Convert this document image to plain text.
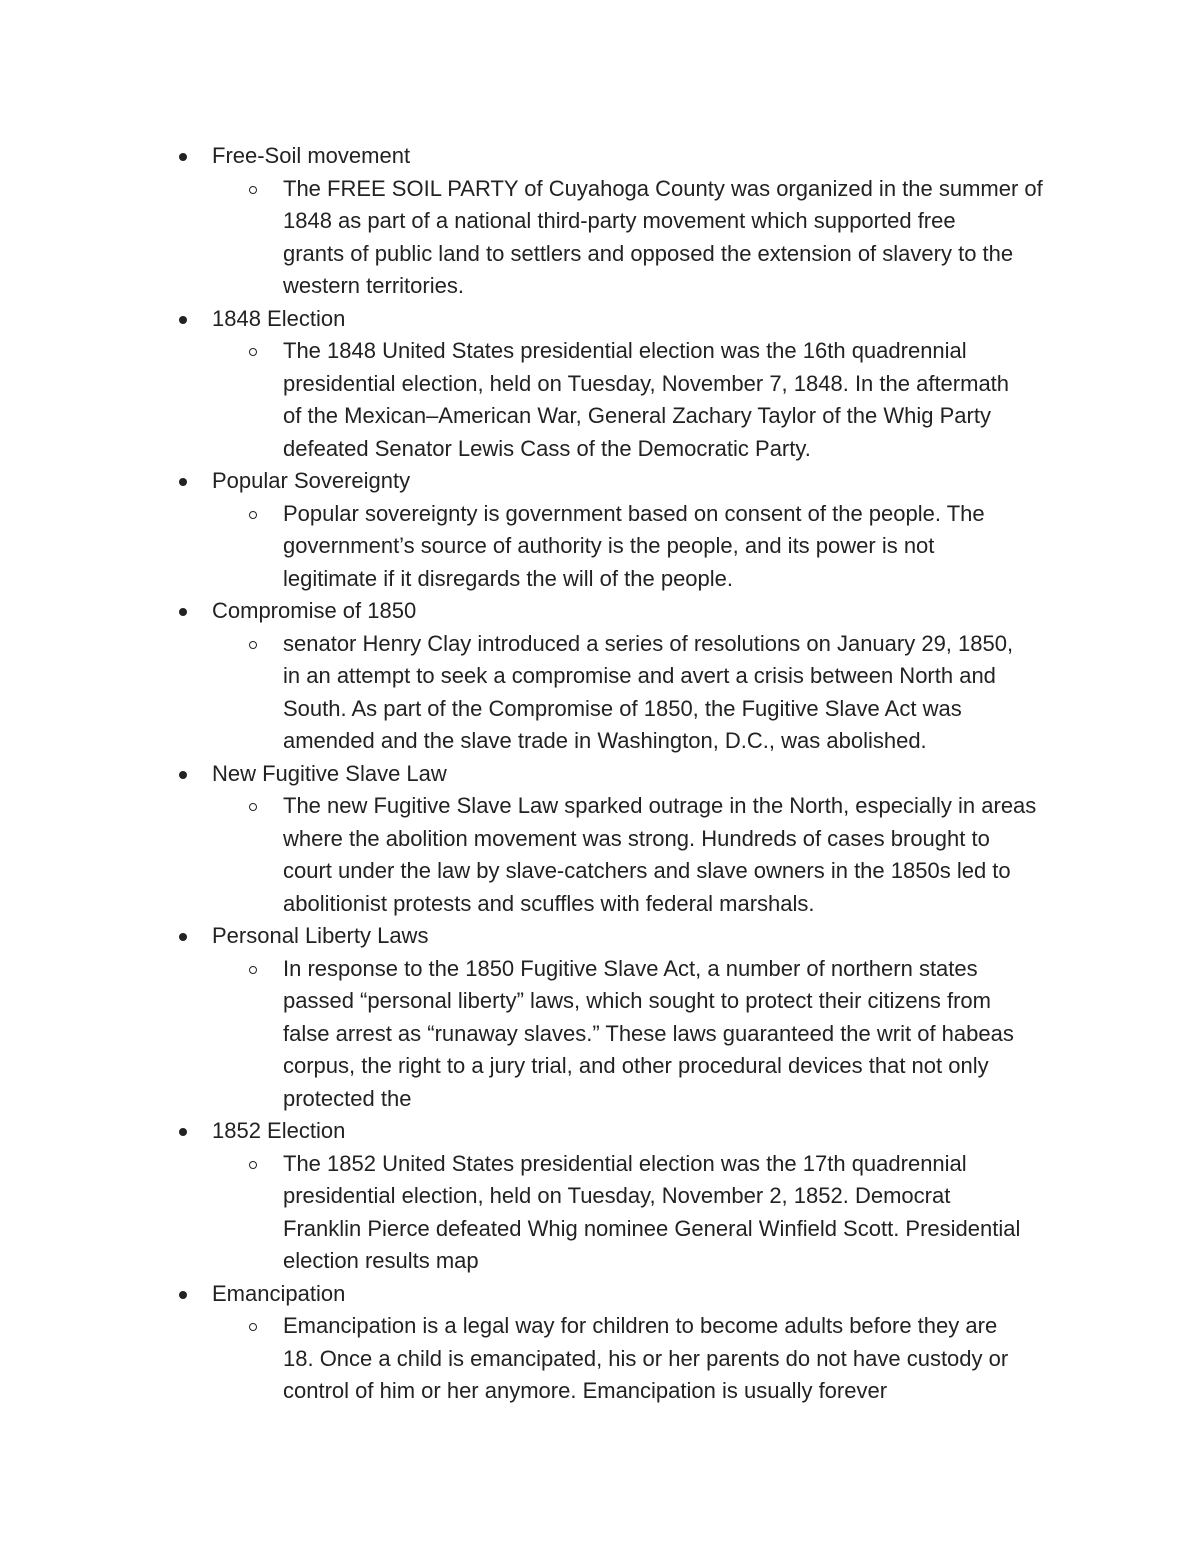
Free-Soil movement
The FREE SOIL PARTY of Cuyahoga County was organized in the summer of
1848 as part of a national third-party movement which supported free
grants of public land to settlers and opposed the extension of slavery to the
western territories.
1848 Election
The 1848 United States presidential election was the 16th quadrennial
presidential election, held on Tuesday, November 7, 1848. In the aftermath
of the Mexican–American War, General Zachary Taylor of the Whig Party
defeated Senator Lewis Cass of the Democratic Party.
Popular Sovereignty
Popular sovereignty is government based on consent of the people. The
government’s source of authority is the people, and its power is not
legitimate if it disregards the will of the people.
Compromise of 1850
senator Henry Clay introduced a series of resolutions on January 29, 1850,
in an attempt to seek a compromise and avert a crisis between North and
South. As part of the Compromise of 1850, the Fugitive Slave Act was
amended and the slave trade in Washington, D.C., was abolished.
New Fugitive Slave Law
The new Fugitive Slave Law sparked outrage in the North, especially in areas
where the abolition movement was strong. Hundreds of cases brought to
court under the law by slave-catchers and slave owners in the 1850s led to
abolitionist protests and scuffles with federal marshals.
Personal Liberty Laws
In response to the 1850 Fugitive Slave Act, a number of northern states
passed “personal liberty” laws, which sought to protect their citizens from
false arrest as “runaway slaves.” These laws guaranteed the writ of habeas
corpus, the right to a jury trial, and other procedural devices that not only
protected the
1852 Election
The 1852 United States presidential election was the 17th quadrennial
presidential election, held on Tuesday, November 2, 1852. Democrat
Franklin Pierce defeated Whig nominee General Winfield Scott. Presidential
election results map
Emancipation
Emancipation is a legal way for children to become adults before they are
18. Once a child is emancipated, his or her parents do not have custody or
control of him or her anymore. Emancipation is usually forever
